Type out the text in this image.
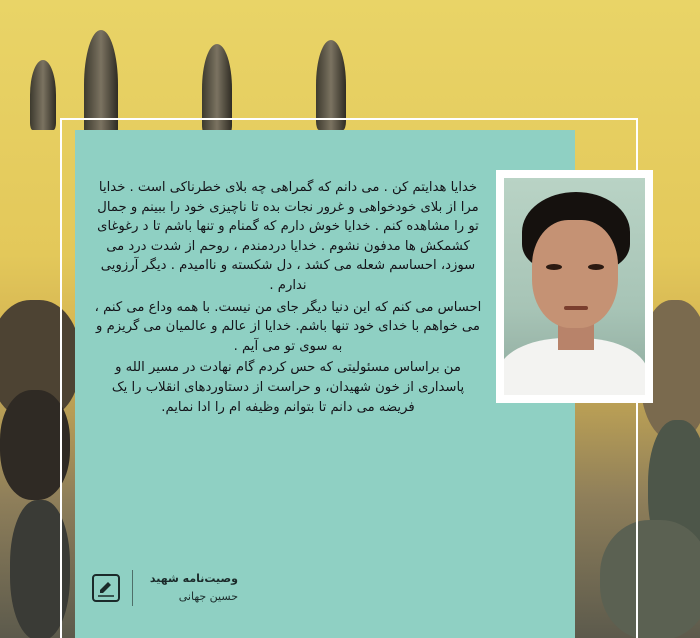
خدایا هدایتم کن . می دانم که گمراهی چه بلای خطرناکی است . خدایا مرا از بلای خودخواهی و غرور نجات بده تا ناچیزی خود را ببینم و جمال تو را مشاهده کنم . خدایا خوش دارم که گمنام و تنها باشم تا د رغوغای کشمکش ها مدفون نشوم . خدایا دردمندم ، روحم از شدت درد می سوزد، احساسم شعله می کشد ، دل شکسته و ناامیدم . دیگر آرزویی ندارم .

احساس می کنم که این دنیا دیگر جای من نیست. با همه وداع می کنم ، می خواهم با خدای خود تنها باشم. خدایا از عالم و عالمیان می گریزم و به سوی تو می آیم .

من براساس مسئولیتی که حس کردم گام نهادت در مسیر الله و پاسداری از خون شهیدان، و حراست از دستاوردهای انقلاب را یک فریضه می دانم تا بتوانم وظیفه ام را ادا نمایم.

وصیت‌نامه شهید
حسین جهانی
